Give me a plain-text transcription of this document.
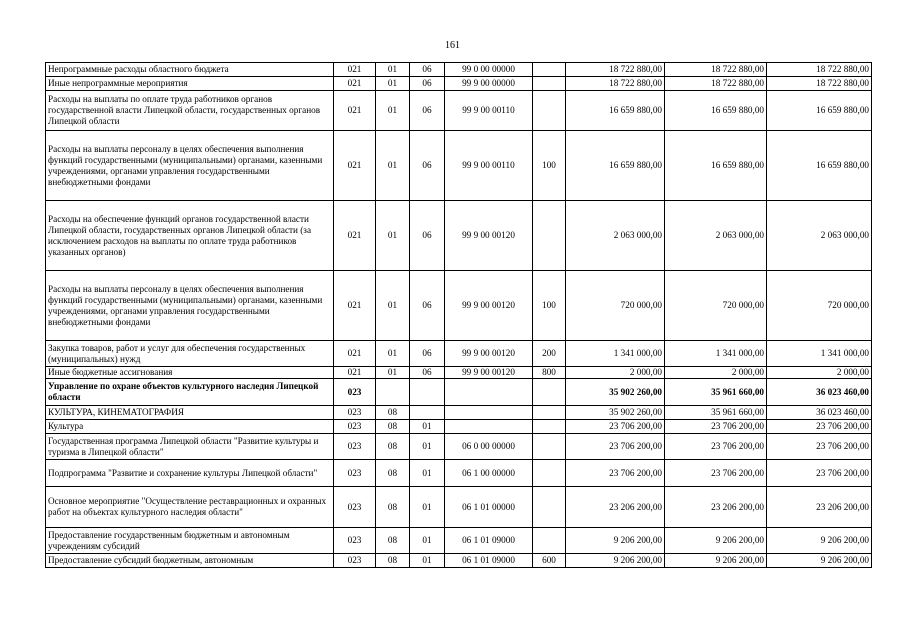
161
Непрограммные расходы областного бюджета	021	01	06	99 0 00 00000		18 722 880,00	18 722 880,00	18 722 880,00
Иные непрограммные мероприятия	021	01	06	99 9 00 00000		18 722 880,00	18 722 880,00	18 722 880,00
Расходы на выплаты по оплате труда работников органов государственной власти Липецкой области, государственных органов Липецкой области	021	01	06	99 9 00 00110		16 659 880,00	16 659 880,00	16 659 880,00
Расходы на выплаты персоналу в целях обеспечения выполнения функций государственными (муниципальными) органами, казенными учреждениями, органами управления государственными внебюджетными фондами	021	01	06	99 9 00 00110	100	16 659 880,00	16 659 880,00	16 659 880,00
Расходы на обеспечение функций органов государственной власти Липецкой области, государственных органов Липецкой области (за исключением расходов на выплаты по оплате труда работников указанных органов)	021	01	06	99 9 00 00120		2 063 000,00	2 063 000,00	2 063 000,00
Расходы на выплаты персоналу в целях обеспечения выполнения функций государственными (муниципальными) органами, казенными учреждениями, органами управления государственными внебюджетными фондами	021	01	06	99 9 00 00120	100	720 000,00	720 000,00	720 000,00
Закупка товаров, работ и услуг для обеспечения государственных (муниципальных) нужд	021	01	06	99 9 00 00120	200	1 341 000,00	1 341 000,00	1 341 000,00
Иные бюджетные ассигнования	021	01	06	99 9 00 00120	800	2 000,00	2 000,00	2 000,00
Управление по охране объектов культурного наследия Липецкой области	023					35 902 260,00	35 961 660,00	36 023 460,00
КУЛЬТУРА, КИНЕМАТОГРАФИЯ	023	08				35 902 260,00	35 961 660,00	36 023 460,00
Культура	023	08	01			23 706 200,00	23 706 200,00	23 706 200,00
Государственная программа Липецкой области "Развитие культуры и туризма в Липецкой области"	023	08	01	06 0 00 00000		23 706 200,00	23 706 200,00	23 706 200,00
Подпрограмма "Развитие и сохранение культуры Липецкой области"	023	08	01	06 1 00 00000		23 706 200,00	23 706 200,00	23 706 200,00
Основное мероприятие "Осуществление реставрационных и охранных работ на объектах культурного наследия области"	023	08	01	06 1 01 00000		23 206 200,00	23 206 200,00	23 206 200,00
Предоставление государственным бюджетным и автономным учреждениям субсидий	023	08	01	06 1 01 09000		9 206 200,00	9 206 200,00	9 206 200,00
Предоставление субсидий бюджетным, автономным	023	08	01	06 1 01 09000	600	9 206 200,00	9 206 200,00	9 206 200,00
